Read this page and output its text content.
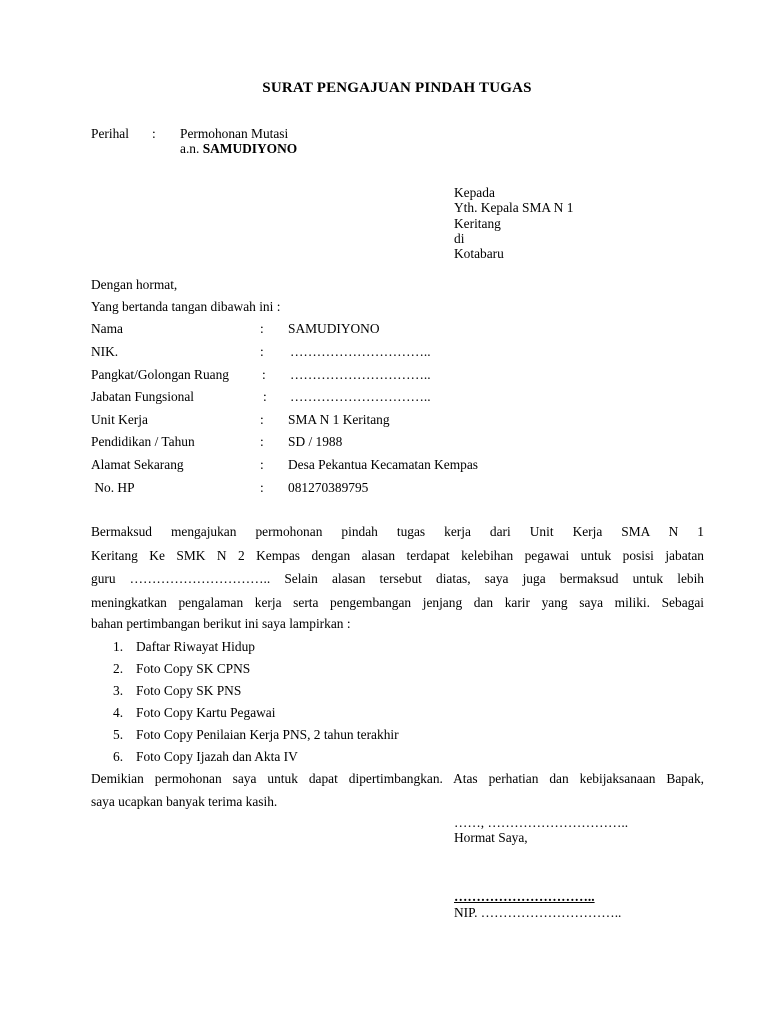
SURAT PENGAJUAN PINDAH TUGAS
Perihal : Permohonan Mutasi
a.n. SAMUDIYONO
Kepada
Yth. Kepala SMA N 1
Keritang
di
Kotabaru
Dengan hormat,
Yang bertanda tangan dibawah ini :
Nama	: SAMUDIYONO
NIK.	: …………………………..
Pangkat/Golongan Ruang : …………………………..
Jabatan Fungsional	: …………………………..
Unit Kerja	: SMA N 1 Keritang
Pendidikan / Tahun	: SD / 1988
Alamat Sekarang	: Desa Pekantua Kecamatan Kempas
No. HP	: 081270389795
Bermaksud mengajukan permohonan pindah tugas kerja dari Unit Kerja SMA N 1
Keritang Ke SMK N 2 Kempas dengan alasan terdapat kelebihan pegawai untuk posisi jabatan
guru ………………………….. Selain alasan tersebut diatas, saya juga bermaksud untuk lebih
meningkatkan pengalaman kerja serta pengembangan jenjang dan karir yang saya miliki. Sebagai
bahan pertimbangan berikut ini saya lampirkan :
1. Daftar Riwayat Hidup
2. Foto Copy SK CPNS
3. Foto Copy SK PNS
4. Foto Copy Kartu Pegawai
5. Foto Copy Penilaian Kerja PNS, 2 tahun terakhir
6. Foto Copy Ijazah dan Akta IV
Demikian permohonan saya untuk dapat dipertimbangkan. Atas perhatian dan kebijaksanaan Bapak,
saya ucapkan banyak terima kasih.
……, …………………………..
Hormat Saya,
…………………………..
NIP. …………………………..
